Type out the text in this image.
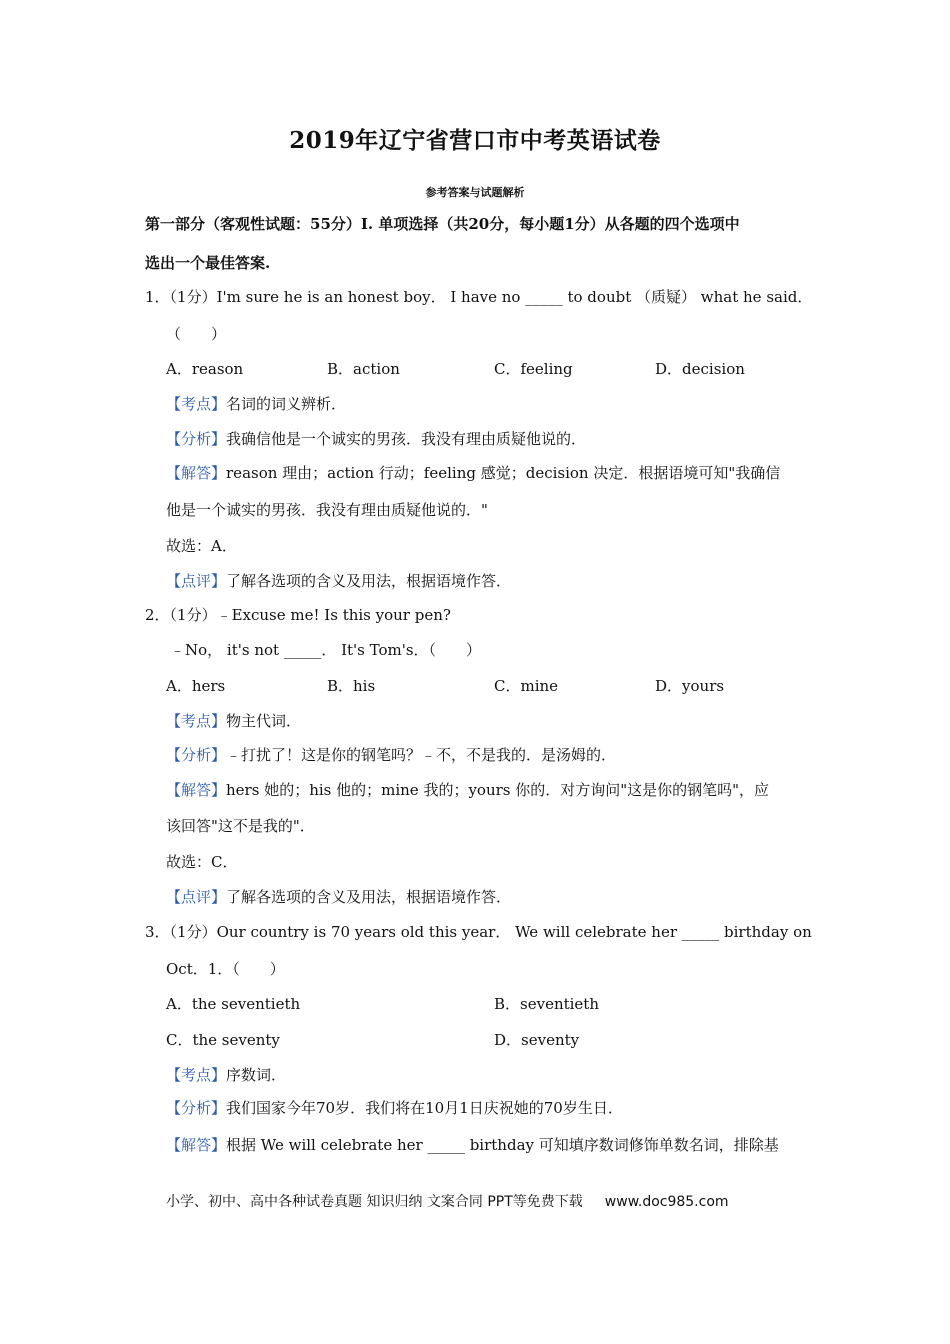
2019年辽宁省营口市中考英语试卷
参考答案与试题解析
第一部分（客观性试题：55分）I. 单项选择（共20分，每小题1分）从各题的四个选项中
选出一个最佳答案.
1．（1分）I'm sure he is an honest boy． I have no _____ to doubt （质疑） what he said．
（　　）
A．reason	B．action	C．feeling	D．decision
【考点】名词的词义辨析．
【分析】我确信他是一个诚实的男孩．我没有理由质疑他说的．
【解答】reason 理由；action 行动；feeling 感觉；decision 决定．根据语境可知"我确信
他是一个诚实的男孩．我没有理由质疑他说的．"
故选：A．
【点评】了解各选项的含义及用法，根据语境作答．
2．（1分）﹣Excuse me! Is this your pen?
﹣No， it's not _____． It's Tom's．（　　）
A．hers	B．his	C．mine	D．yours
【考点】物主代词．
【分析】﹣打扰了！这是你的钢笔吗？﹣不，不是我的．是汤姆的．
【解答】hers 她的；his 他的；mine 我的；yours 你的．对方询问"这是你的钢笔吗"，应
该回答"这不是我的"．
故选：C．
【点评】了解各选项的含义及用法，根据语境作答．
3．（1分）Our country is 70 years old this year． We will celebrate her _____ birthday on
Oct．1．（　　）
A．the seventieth	B．seventieth
C．the seventy	D．seventy
【考点】序数词．
【分析】我们国家今年70岁．我们将在10月1日庆祝她的70岁生日．
【解答】根据 We will celebrate her _____ birthday 可知填序数词修饰单数名词，排除基
小学、初中、高中各种试卷真题 知识归纳 文案合同 PPT等免费下载 www.doc985.com
